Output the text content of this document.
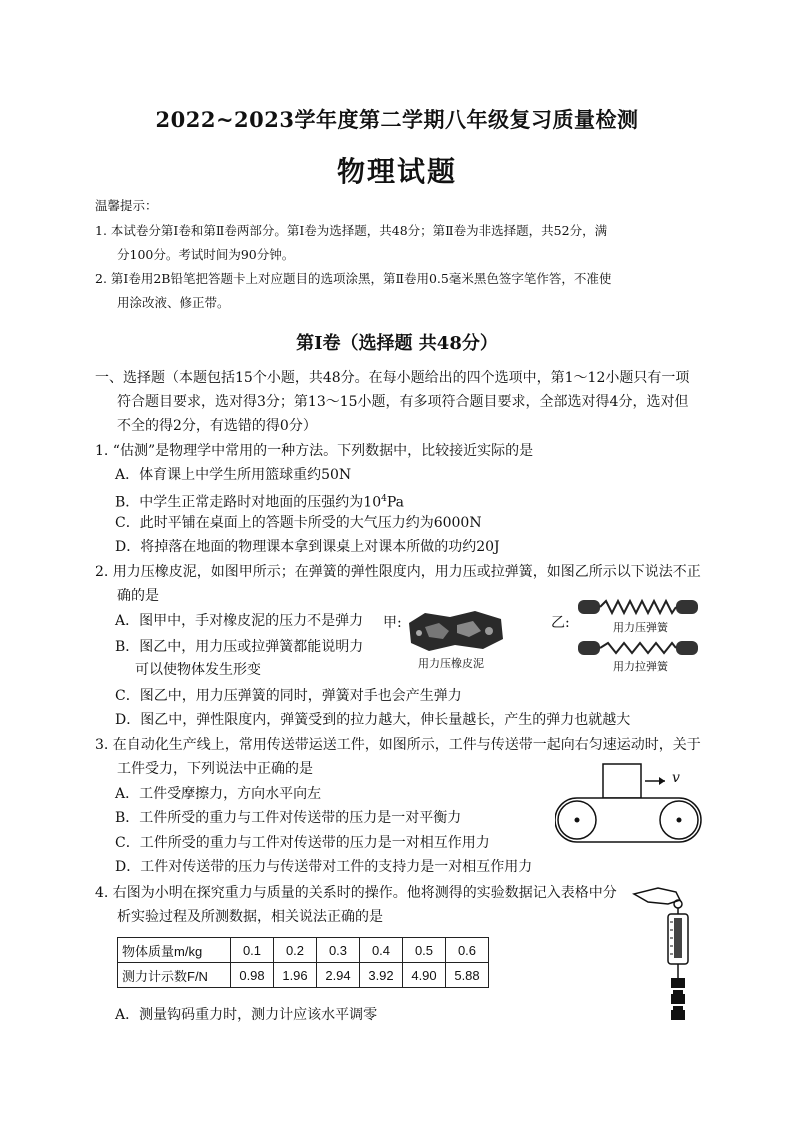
2022~2023学年度第二学期八年级复习质量检测
物理试题
温馨提示：
1. 本试卷分第Ⅰ卷和第Ⅱ卷两部分。第Ⅰ卷为选择题，共48分；第Ⅱ卷为非选择题，共52分，满
分100分。考试时间为90分钟。
2. 第Ⅰ卷用2B铅笔把答题卡上对应题目的选项涂黑，第Ⅱ卷用0.5毫米黑色签字笔作答，不准使
用涂改液、修正带。
第Ⅰ卷（选择题 共48分）
一、选择题（本题包括15个小题，共48分。在每小题给出的四个选项中，第1～12小题只有一项
符合题目要求，选对得3分；第13～15小题，有多项符合题目要求，全部选对得4分，选对但
不全的得2分，有选错的得0分）
1. “估测”是物理学中常用的一种方法。下列数据中，比较接近实际的是
A．体育课上中学生所用篮球重约50N
B．中学生正常走路时对地面的压强约为$10^4Pa$
C．此时平铺在桌面上的答题卡所受的大气压力约为6000N
D．将掉落在地面的物理课本拿到课桌上对课本所做的功约20J
2. 用力压橡皮泥，如图甲所示；在弹簧的弹性限度内，用力压或拉弹簧，如图乙所示以下说法不正
确的是
A．图甲中，手对橡皮泥的压力不是弹力
B．图乙中，用力压或拉弹簧都能说明力
可以使物体发生形变
C．图乙中，用力压弹簧的同时，弹簧对手也会产生弹力
D．图乙中，弹性限度内，弹簧受到的拉力越大，伸长量越长，产生的弹力也就越大
甲:
用力压橡皮泥
乙:	用力压弹簧
用力拉弹簧
3. 在自动化生产线上，常用传送带运送工件，如图所示，工件与传送带一起向右匀速运动时，关于
工件受力，下列说法中正确的是
A．工件受摩擦力，方向水平向左
B．工件所受的重力与工件对传送带的压力是一对平衡力
C．工件所受的重力与工件对传送带的压力是一对相互作用力
D．工件对传送带的压力与传送带对工件的支持力是一对相互作用力
v
4. 右图为小明在探究重力与质量的关系时的操作。他将测得的实验数据记入表格中分
析实验过程及所测数据，相关说法正确的是
物体质量m/kg	0.1	0.2	0.3	0.4	0.5	0.6
测力计示数F/N	0.98	1.96	2.94	3.92	4.90	5.88
A．测量钩码重力时，测力计应该水平调零
